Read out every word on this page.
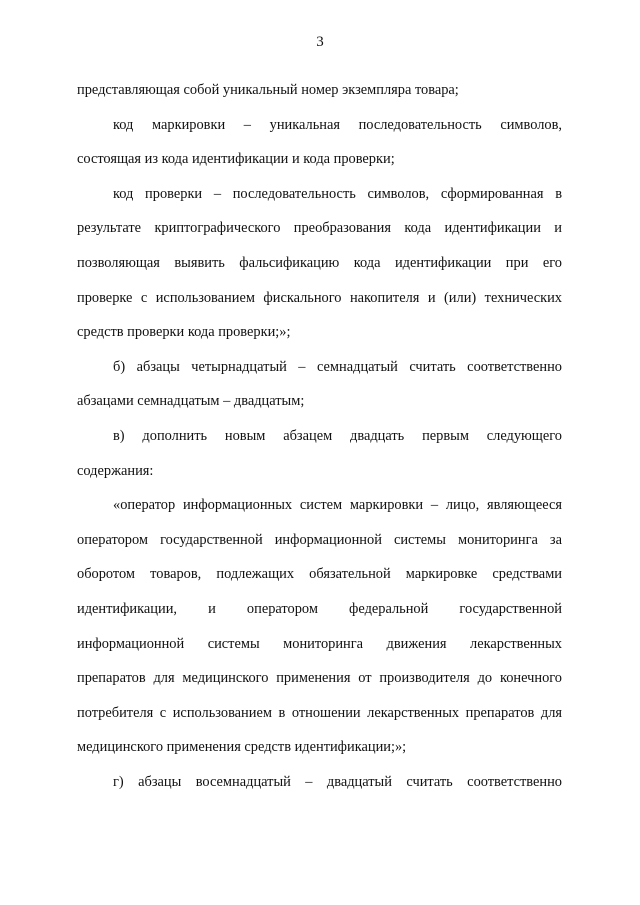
3
представляющая собой уникальный номер экземпляра товара;
код маркировки – уникальная последовательность символов,
состоящая из кода идентификации и кода проверки;
код проверки – последовательность символов, сформированная в
результате криптографического преобразования кода идентификации и
позволяющая выявить фальсификацию кода идентификации при его
проверке с использованием фискального накопителя и (или) технических
средств проверки кода проверки;»;
б) абзацы четырнадцатый – семнадцатый считать соответственно
абзацами семнадцатым – двадцатым;
в) дополнить новым абзацем двадцать первым следующего
содержания:
«оператор информационных систем маркировки – лицо, являющееся
оператором государственной информационной системы мониторинга за
оборотом товаров, подлежащих обязательной маркировке средствами
идентификации, и оператором федеральной государственной
информационной системы мониторинга движения лекарственных
препаратов для медицинского применения от производителя до конечного
потребителя с использованием в отношении лекарственных препаратов для
медицинского применения средств идентификации;»;
г) абзацы восемнадцатый – двадцатый считать соответственно
